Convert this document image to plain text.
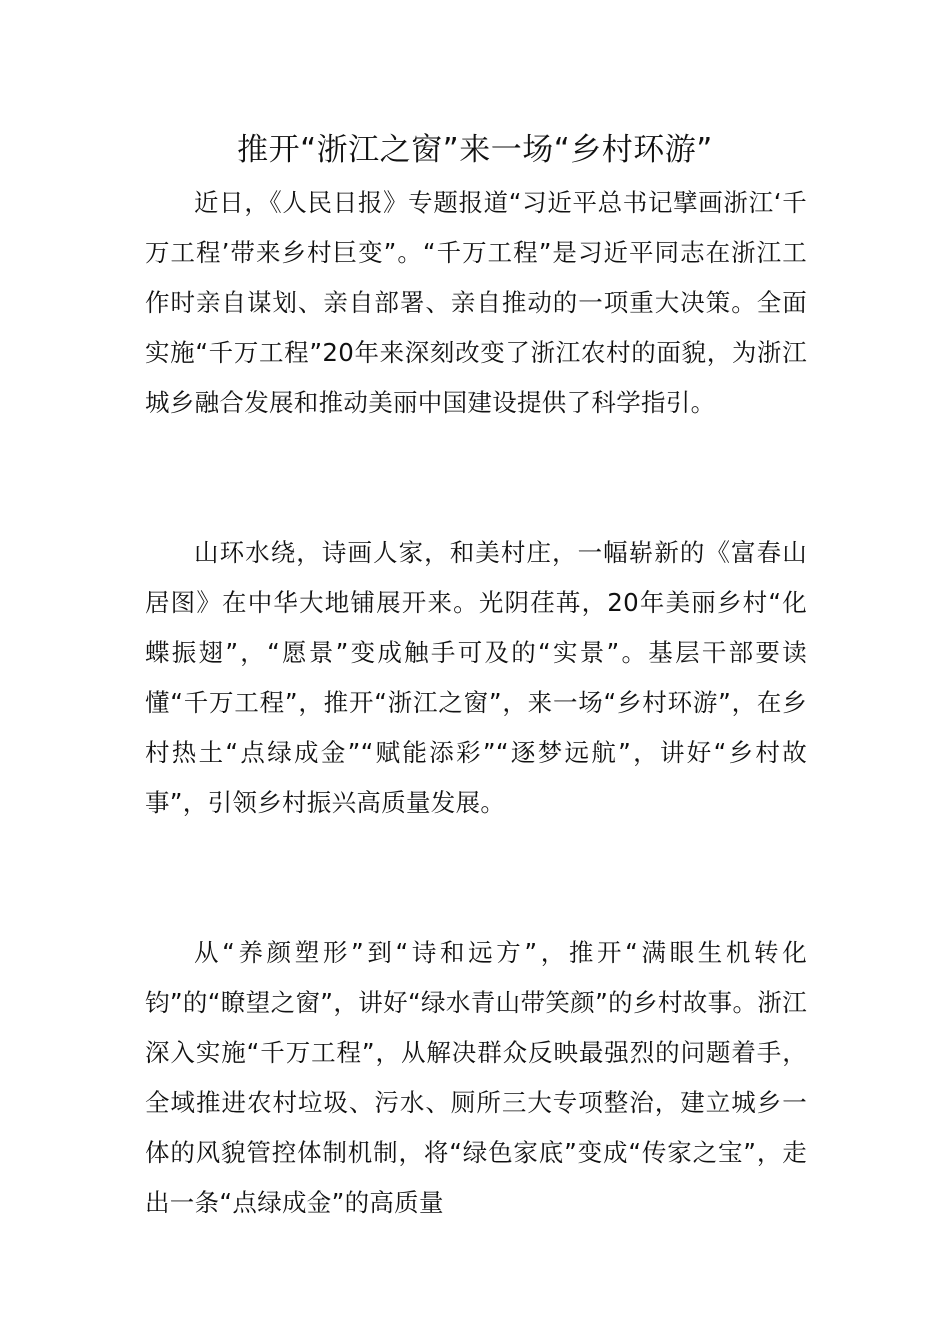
推开“浙江之窗”来一场“乡村环游”

近日，《人民日报》专题报道“习近平总书记擘画浙江‘千万工程’带来乡村巨变”。“千万工程”是习近平同志在浙江工作时亲自谋划、亲自部署、亲自推动的一项重大决策。全面实施“千万工程”20年来深刻改变了浙江农村的面貌，为浙江城乡融合发展和推动美丽中国建设提供了科学指引。

山环水绕，诗画人家，和美村庄，一幅崭新的《富春山居图》在中华大地铺展开来。光阴荏苒，20年美丽乡村“化蝶振翅”，“愿景”变成触手可及的“实景”。基层干部要读懂“千万工程”，推开“浙江之窗”，来一场“乡村环游”，在乡村热土“点绿成金”“赋能添彩”“逐梦远航”，讲好“乡村故事”，引领乡村振兴高质量发展。

从“养颜塑形”到“诗和远方”，推开“满眼生机转化钧”的“瞭望之窗”，讲好“绿水青山带笑颜”的乡村故事。浙江深入实施“千万工程”，从解决群众反映最强烈的问题着手，全域推进农村垃圾、污水、厕所三大专项整治，建立城乡一体的风貌管控体制机制，将“绿色家底”变成“传家之宝”，走出一条“点绿成金”的高质量
